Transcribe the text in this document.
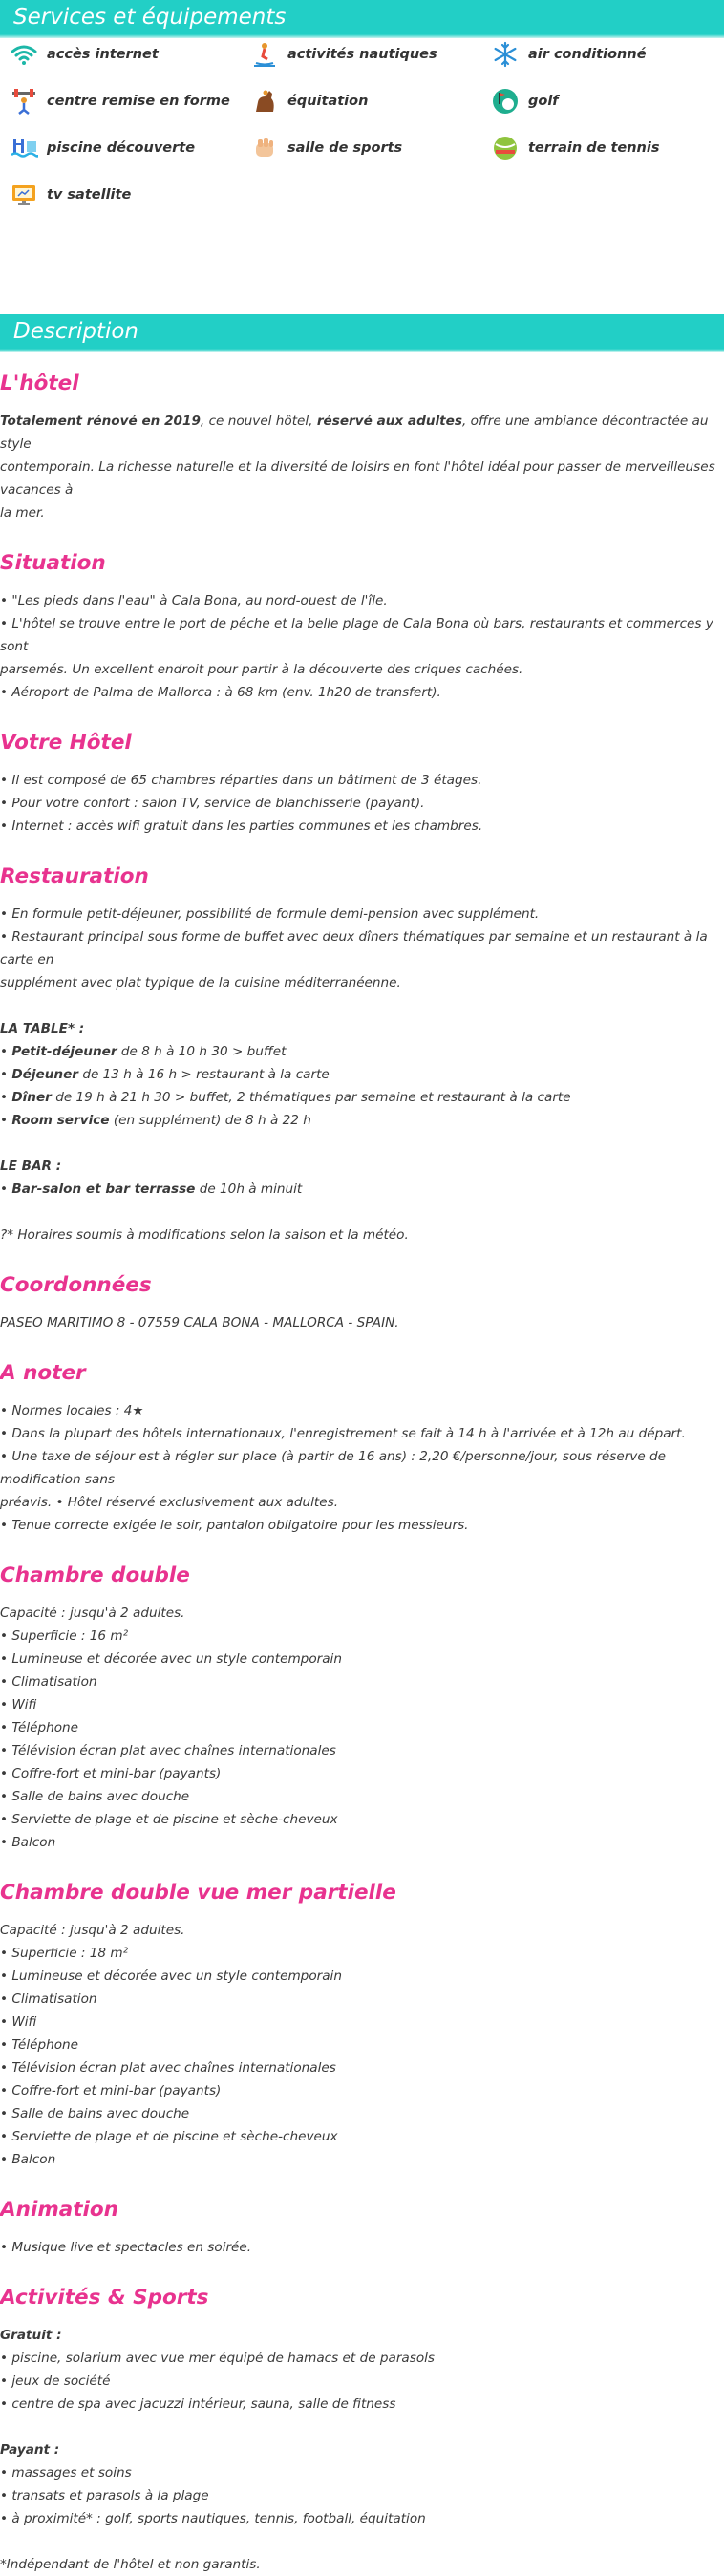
Services et équipements
accès internet	activités nautiques	air conditionné
centre remise en forme	équitation	golf
piscine découverte	salle de sports	terrain de tennis
tv satellite
Description
L'hôtel

Totalement rénové en 2019, ce nouvel hôtel, réservé aux adultes, offre une ambiance décontractée au style
contemporain. La richesse naturelle et la diversité de loisirs en font l'hôtel idéal pour passer de merveilleuses vacances à
la mer.

Situation

• "Les pieds dans l'eau" à Cala Bona, au nord-ouest de l'île.
• L'hôtel se trouve entre le port de pêche et la belle plage de Cala Bona où bars, restaurants et commerces y sont
parsemés. Un excellent endroit pour partir à la découverte des criques cachées.
• Aéroport de Palma de Mallorca : à 68 km (env. 1h20 de transfert).

Votre Hôtel

• Il est composé de 65 chambres réparties dans un bâtiment de 3 étages.
• Pour votre confort : salon TV, service de blanchisserie (payant).
• Internet : accès wifi gratuit dans les parties communes et les chambres.

Restauration

• En formule petit-déjeuner, possibilité de formule demi-pension avec supplément.
• Restaurant principal sous forme de buffet avec deux dîners thématiques par semaine et un restaurant à la carte en
supplément avec plat typique de la cuisine méditerranéenne.
LA TABLE* :
• Petit-déjeuner de 8 h à 10 h 30 > buffet
• Déjeuner de 13 h à 16 h > restaurant à la carte
• Dîner de 19 h à 21 h 30 > buffet, 2 thématiques par semaine et restaurant à la carte
• Room service (en supplément) de 8 h à 22 h
LE BAR :
• Bar-salon et bar terrasse de 10h à minuit
?* Horaires soumis à modifications selon la saison et la météo.

Coordonnées

PASEO MARITIMO 8 - 07559 CALA BONA - MALLORCA - SPAIN.

A noter

• Normes locales : 4★
• Dans la plupart des hôtels internationaux, l'enregistrement se fait à 14 h à l'arrivée et à 12h au départ.
• Une taxe de séjour est à régler sur place (à partir de 16 ans) : 2,20 €/personne/jour, sous réserve de modification sans
préavis. • Hôtel réservé exclusivement aux adultes.
• Tenue correcte exigée le soir, pantalon obligatoire pour les messieurs.

Chambre double

Capacité : jusqu'à 2 adultes.
• Superficie : 16 m²
• Lumineuse et décorée avec un style contemporain
• Climatisation
• Wifi
• Téléphone
• Télévision écran plat avec chaînes internationales
• Coffre-fort et mini-bar (payants)
• Salle de bains avec douche
• Serviette de plage et de piscine et sèche-cheveux
• Balcon

Chambre double vue mer partielle

Capacité : jusqu'à 2 adultes.
• Superficie : 18 m²
• Lumineuse et décorée avec un style contemporain
• Climatisation
• Wifi
• Téléphone
• Télévision écran plat avec chaînes internationales
• Coffre-fort et mini-bar (payants)
• Salle de bains avec douche
• Serviette de plage et de piscine et sèche-cheveux
• Balcon

Animation

• Musique live et spectacles en soirée.

Activités & Sports

Gratuit :
• piscine, solarium avec vue mer équipé de hamacs et de parasols
• jeux de société
• centre de spa avec jacuzzi intérieur, sauna, salle de fitness
Payant :
• massages et soins
• transats et parasols à la plage
• à proximité* : golf, sports nautiques, tennis, football, équitation
*Indépendant de l'hôtel et non garantis.
